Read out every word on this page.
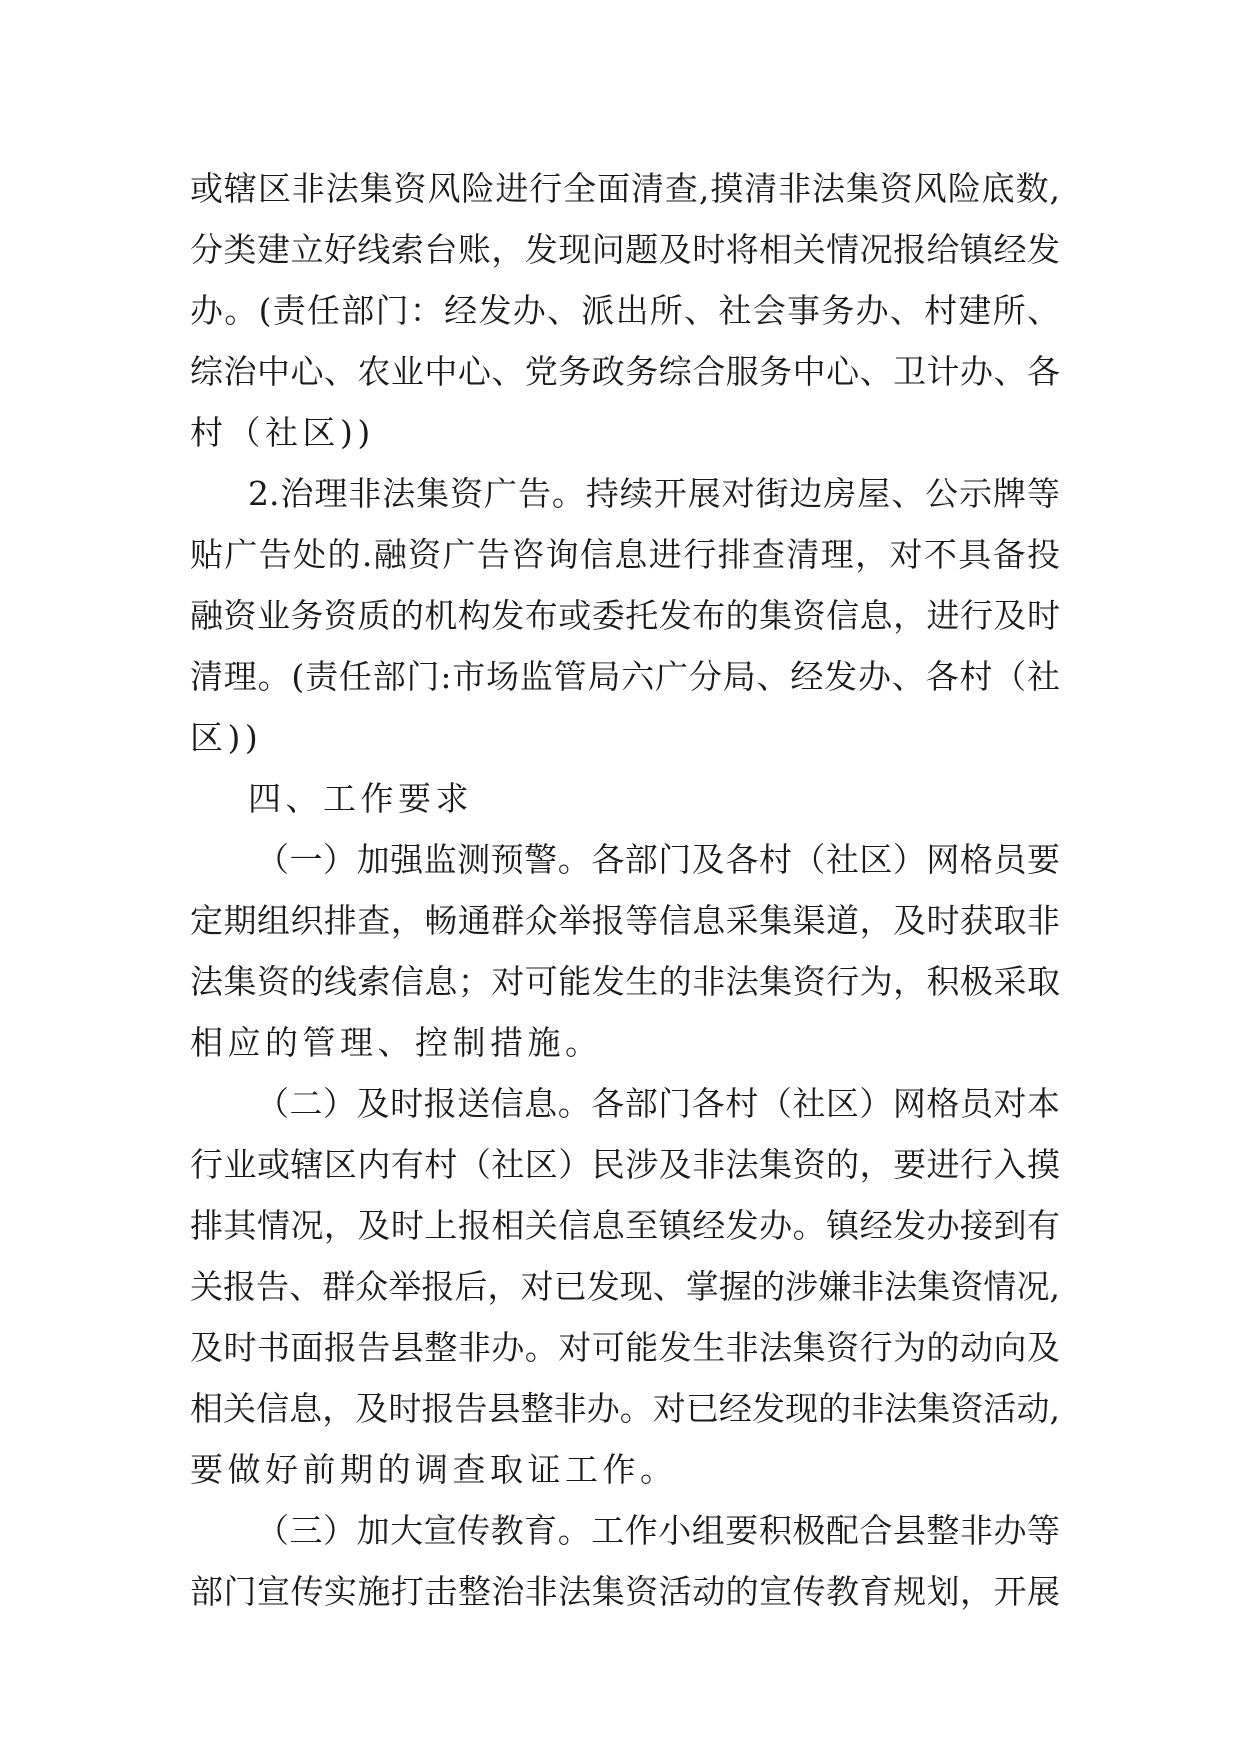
或辖区非法集资风险进行全面清查,摸清非法集资风险底数,
分类建立好线索台账，发现问题及时将相关情况报给镇经发
办。(责任部门：经发办、派出所、社会事务办、村建所、
综治中心、农业中心、党务政务综合服务中心、卫计办、各
村（社区))
2.治理非法集资广告。持续开展对街边房屋、公示牌等
贴广告处的.融资广告咨询信息进行排查清理，对不具备投
融资业务资质的机构发布或委托发布的集资信息，进行及时
清理。(责任部门:市场监管局六广分局、经发办、各村（社
区))
四、工作要求
（一）加强监测预警。各部门及各村（社区）网格员要
定期组织排查，畅通群众举报等信息采集渠道，及时获取非
法集资的线索信息；对可能发生的非法集资行为，积极采取
相应的管理、控制措施。
（二）及时报送信息。各部门各村（社区）网格员对本
行业或辖区内有村（社区）民涉及非法集资的，要进行入摸
排其情况，及时上报相关信息至镇经发办。镇经发办接到有
关报告、群众举报后，对已发现、掌握的涉嫌非法集资情况,
及时书面报告县整非办。对可能发生非法集资行为的动向及
相关信息，及时报告县整非办。对已经发现的非法集资活动,
要做好前期的调查取证工作。
（三）加大宣传教育。工作小组要积极配合县整非办等
部门宣传实施打击整治非法集资活动的宣传教育规划，开展
